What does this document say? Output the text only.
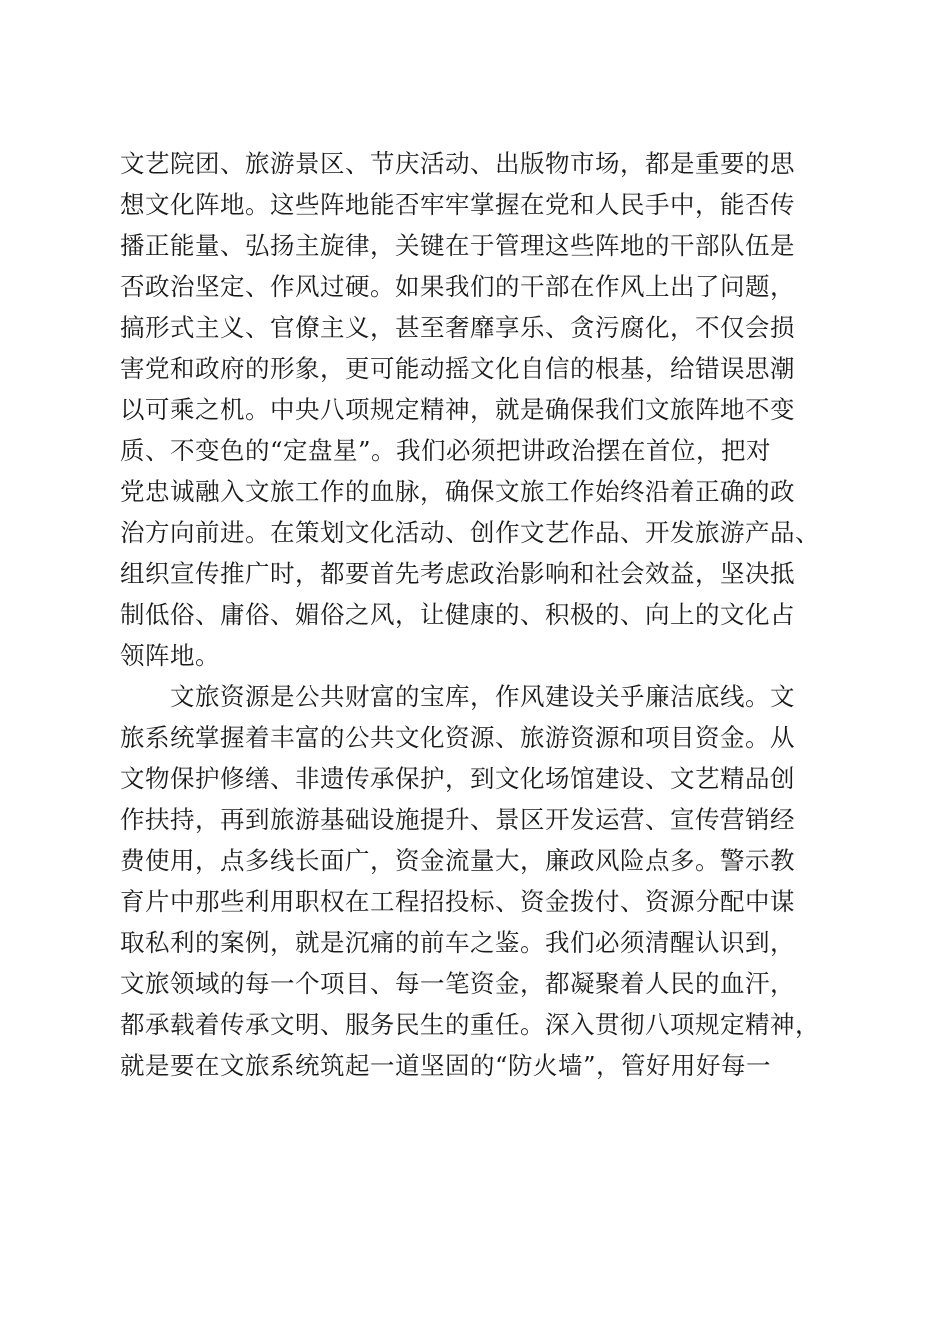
文艺院团、旅游景区、节庆活动、出版物市场，都是重要的思
想文化阵地。这些阵地能否牢牢掌握在党和人民手中，能否传
播正能量、弘扬主旋律，关键在于管理这些阵地的干部队伍是
否政治坚定、作风过硬。如果我们的干部在作风上出了问题，
搞形式主义、官僚主义，甚至奢靡享乐、贪污腐化，不仅会损
害党和政府的形象，更可能动摇文化自信的根基，给错误思潮
以可乘之机。中央八项规定精神，就是确保我们文旅阵地不变
质、不变色的“定盘星”。我们必须把讲政治摆在首位，把对
党忠诚融入文旅工作的血脉，确保文旅工作始终沿着正确的政
治方向前进。在策划文化活动、创作文艺作品、开发旅游产品、
组织宣传推广时，都要首先考虑政治影响和社会效益，坚决抵
制低俗、庸俗、媚俗之风，让健康的、积极的、向上的文化占
领阵地。
　　文旅资源是公共财富的宝库，作风建设关乎廉洁底线。文
旅系统掌握着丰富的公共文化资源、旅游资源和项目资金。从
文物保护修缮、非遗传承保护，到文化场馆建设、文艺精品创
作扶持，再到旅游基础设施提升、景区开发运营、宣传营销经
费使用，点多线长面广，资金流量大，廉政风险点多。警示教
育片中那些利用职权在工程招投标、资金拨付、资源分配中谋
取私利的案例，就是沉痛的前车之鉴。我们必须清醒认识到，
文旅领域的每一个项目、每一笔资金，都凝聚着人民的血汗，
都承载着传承文明、服务民生的重任。深入贯彻八项规定精神，
就是要在文旅系统筑起一道坚固的“防火墙”，管好用好每一
